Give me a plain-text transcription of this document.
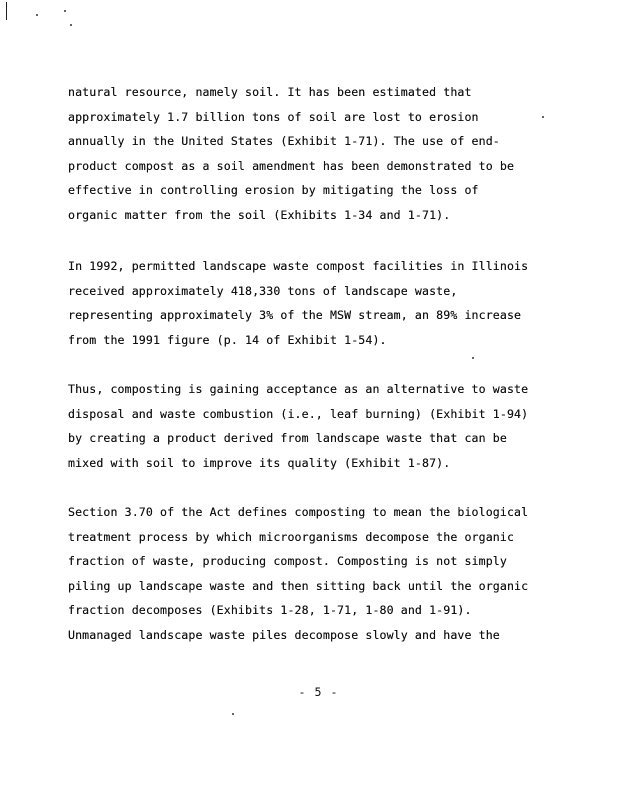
natural resource, namely soil. It has been estimated that
approximately 1.7 billion tons of soil are lost to erosion
annually in the United States (Exhibit 1-71). The use of end-
product compost as a soil amendment has been demonstrated to be
effective in controlling erosion by mitigating the loss of
organic matter from the soil (Exhibits 1-34 and 1-71).
In 1992, permitted landscape waste compost facilities in Illinois
received approximately 418,330 tons of landscape waste,
representing approximately 3% of the MSW stream, an 89% increase
from the 1991 figure (p. 14 of Exhibit 1-54).
Thus, composting is gaining acceptance as an alternative to waste
disposal and waste combustion (i.e., leaf burning) (Exhibit 1-94)
by creating a product derived from landscape waste that can be
mixed with soil to improve its quality (Exhibit 1-87).
Section 3.70 of the Act defines composting to mean the biological
treatment process by which microorganisms decompose the organic
fraction of waste, producing compost. Composting is not simply
piling up landscape waste and then sitting back until the organic
fraction decomposes (Exhibits 1-28, 1-71, 1-80 and 1-91).
Unmanaged landscape waste piles decompose slowly and have the
- 5 -
